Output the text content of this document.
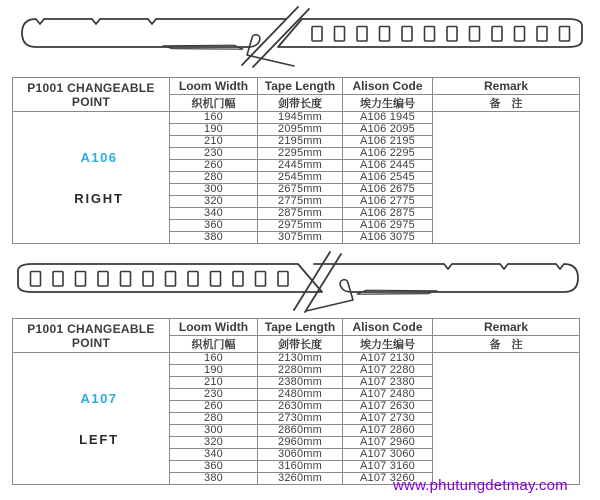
P1001 CHANGEABLE POINT	Loom Width	Tape Length	Alison Code	Remark
	织机门幅	剑带长度	埃力生编号	备　注

A106
RIGHT	160	1945mm	A106 1945	
	190	2095mm	A106 2095	
	210	2195mm	A106 2195	
	230	2295mm	A106 2295	
	260	2445mm	A106 2445	
	280	2545mm	A106 2545	
	300	2675mm	A106 2675	
	320	2775mm	A106 2775	
	340	2875mm	A106 2875	
	360	2975mm	A106 2975	
	380	3075mm	A106 3075	
P1001 CHANGEABLE POINT	Loom Width	Tape Length	Alison Code	Remark
	织机门幅	剑带长度	埃力生编号	备　注

A107
LEFT	160	2130mm	A107 2130	
	190	2280mm	A107 2280	
	210	2380mm	A107 2380	
	230	2480mm	A107 2480	
	260	2630mm	A107 2630	
	280	2730mm	A107 2730	
	300	2860mm	A107 2860	
	320	2960mm	A107 2960	
	340	3060mm	A107 3060	
	360	3160mm	A107 3160	
	380	3260mm	A107 3260	
www.phutungdetmay.com
